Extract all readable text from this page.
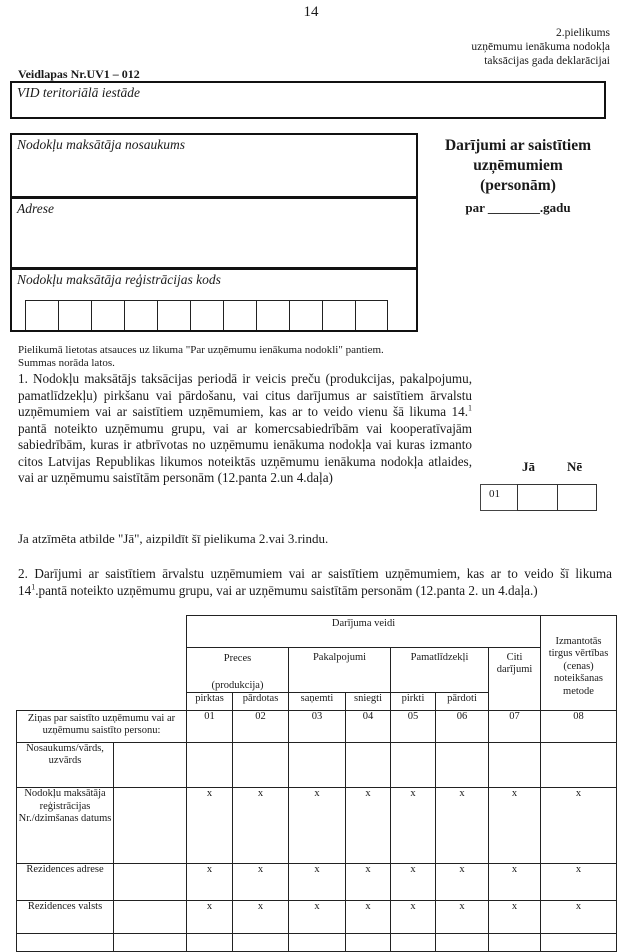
14
2.pielikums
uzņēmumu ienākuma nodokļa
taksācijas gada deklarācijai
Veidlapas Nr.UV1 – 012
VID teritoriālā iestāde
Nodokļu maksātāja nosaukums
Adrese
Nodokļu maksātāja reģistrācijas kods
Darījumi ar saistītiem
uzņēmumiem
(personām)
par ________.gadu
Pielikumā lietotas atsauces uz likuma "Par uzņēmumu ienākuma nodokli" pantiem.
Summas norāda latos.
1. Nodokļu maksātājs taksācijas periodā ir veicis preču (produkcijas, pakalpojumu, pamatlīdzekļu) pirkšanu vai pārdošanu, vai citus darījumus ar saistītiem ārvalstu uzņēmumiem vai ar saistītiem uzņēmumiem, kas ar to veido vienu šā likuma 14.$^1$ pantā noteikto uzņēmumu grupu, vai ar komercsabiedrībām vai kooperatīvajām sabiedrībām, kuras ir atbrīvotas no uzņēmumu ienākuma nodokļa vai kuras izmanto citos Latvijas Republikas likumos noteiktās uzņēmumu ienākuma nodokļa atlaides, vai ar uzņēmumu saistītām personām (12.panta 2.un 4.daļa)
Jā Nē
01
Ja atzīmēta atbilde "Jā", aizpildīt šī pielikuma 2.vai 3.rindu.
2. Darījumi ar saistītiem ārvalstu uzņēmumiem vai ar saistītiem uzņēmumiem, kas ar to veido šī likuma $14^1.pantā$ noteikto uzņēmumu grupu, vai ar uzņēmumu saistītām personām (12.panta 2. un 4.daļa.)
		Darījuma veidi							Izmantotās tirgus vērtības (cenas) noteikšanas metode

		Preces
(produkcija)		Pakalpojumi		Pamatlīdzekļi		Citi darījumi	
		pirktas	pārdotas	saņemti	sniegti	pirkti	pārdoti		
Ziņas par saistīto uzņēmumu vai ar uzņēmumu saistīto personu:		01	02	03	04	05	06	07	08
Nosaukums/vārds, uzvārds									
Nodokļu maksātāja reģistrācijas Nr./dzimšanas datums		x	x	x	x	x	x	x	x
Rezidences adrese		x	x	x	x	x	x	x	x
Rezidences valsts		x	x	x	x	x	x	x	x
